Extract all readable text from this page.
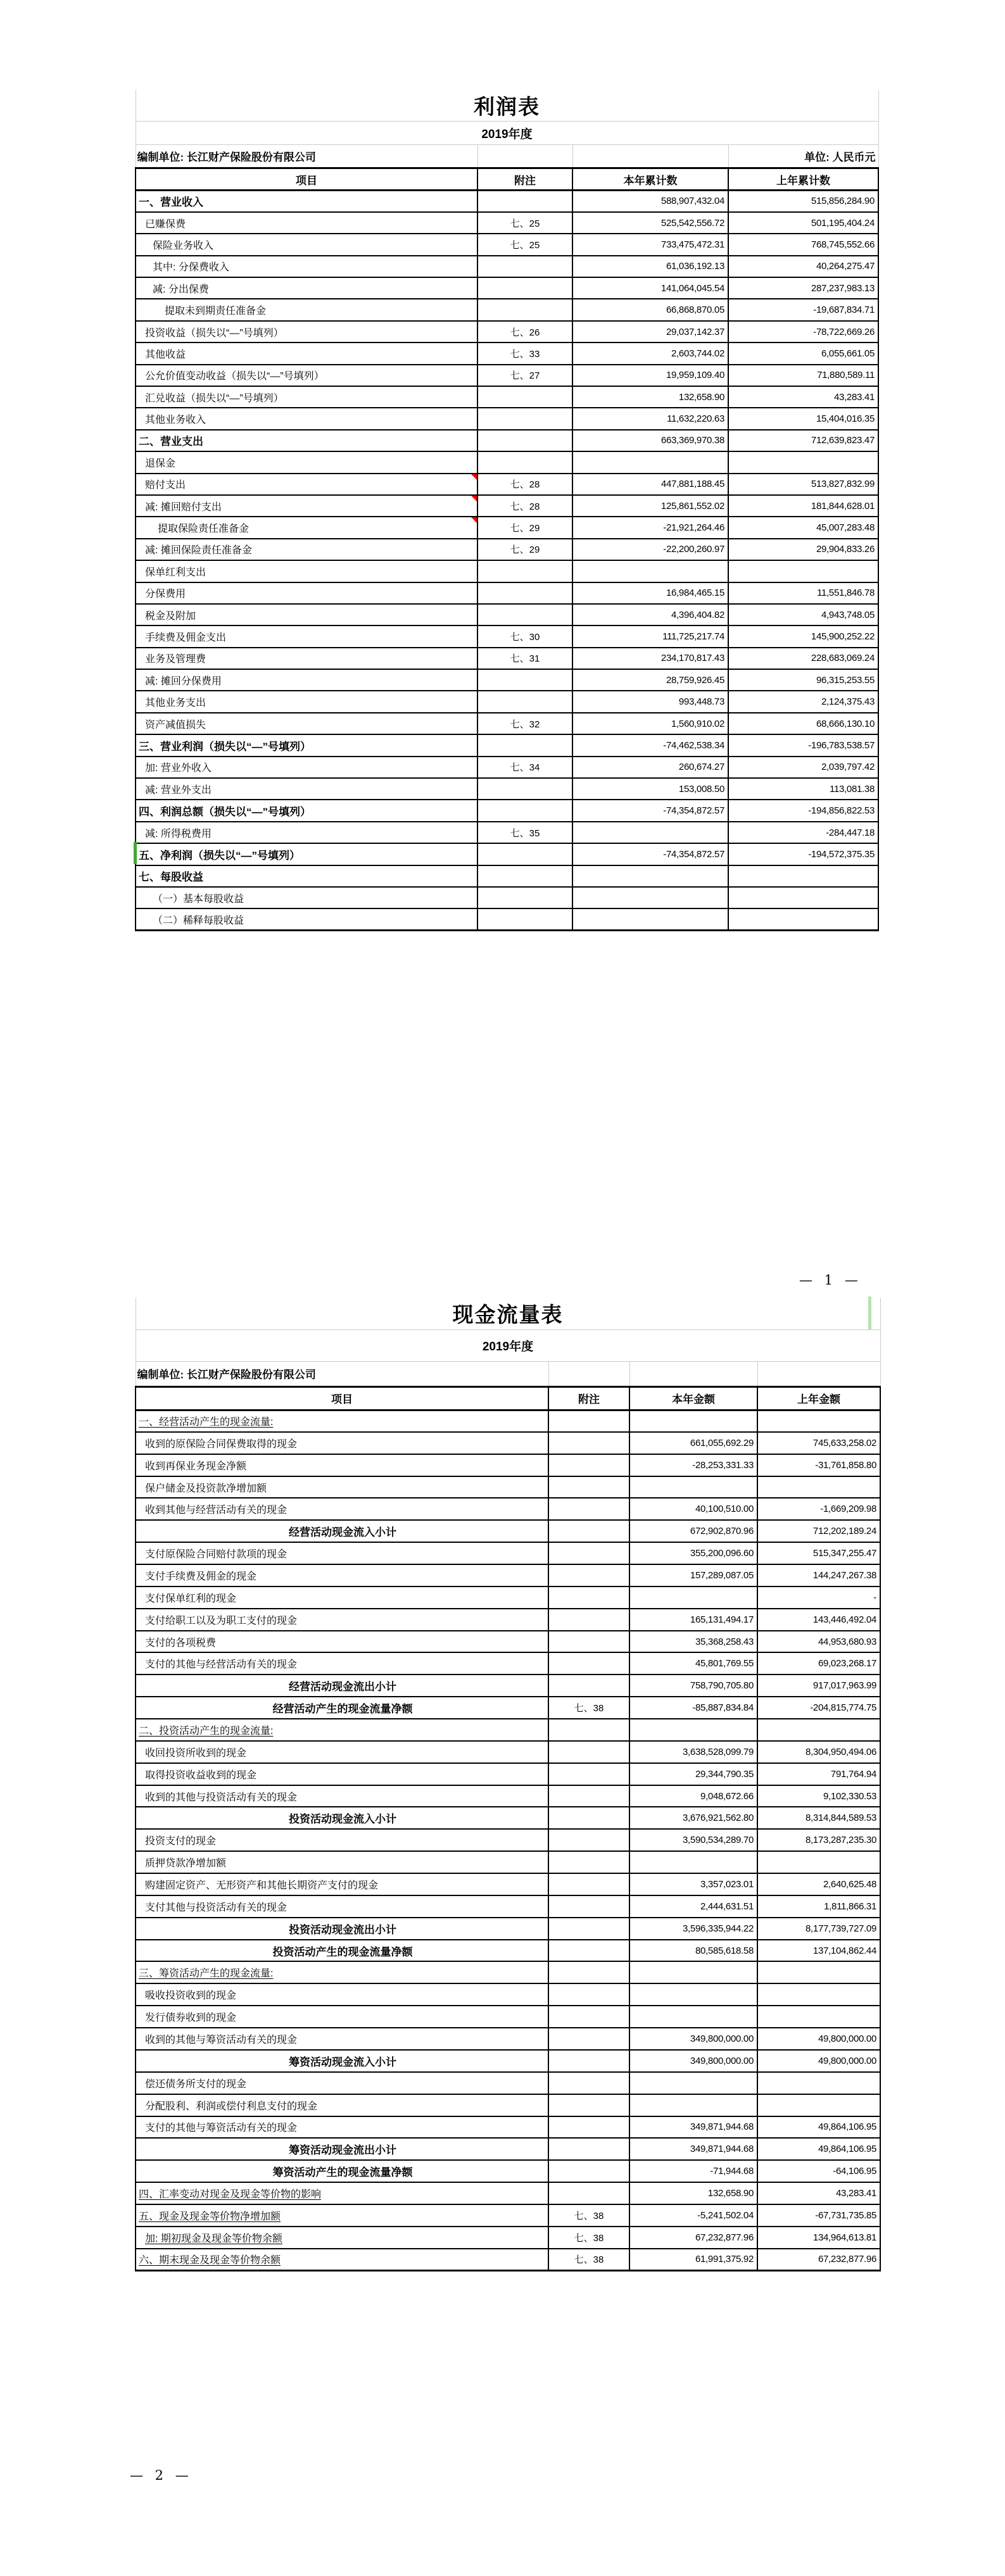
利润表			
2019年度			
编制单位: 长江财产保险股份有限公司			单位: 人民币元
项目	附注	本年累计数	上年累计数
一、营业收入		588,907,432.04	515,856,284.90
已赚保费	七、25	525,542,556.72	501,195,404.24
保险业务收入	七、25	733,475,472.31	768,745,552.66
其中: 分保费收入		61,036,192.13	40,264,275.47
减: 分出保费		141,064,045.54	287,237,983.13
提取未到期责任准备金		66,868,870.05	-19,687,834.71
投资收益（损失以“—”号填列）	七、26	29,037,142.37	-78,722,669.26
其他收益	七、33	2,603,744.02	6,055,661.05
公允价值变动收益（损失以“—”号填列）	七、27	19,959,109.40	71,880,589.11
汇兑收益（损失以“—”号填列）		132,658.90	43,283.41
其他业务收入		11,632,220.63	15,404,016.35
二、营业支出		663,369,970.38	712,639,823.47
退保金			

赔付支出	七、28	447,881,188.45	513,827,832.99

减: 摊回赔付支出	七、28	125,861,552.02	181,844,628.01

提取保险责任准备金	七、29	-21,921,264.46	45,007,283.48
减: 摊回保险责任准备金	七、29	-22,200,260.97	29,904,833.26
保单红利支出			
分保费用		16,984,465.15	11,551,846.78
税金及附加		4,396,404.82	4,943,748.05
手续费及佣金支出	七、30	111,725,217.74	145,900,252.22
业务及管理费	七、31	234,170,817.43	228,683,069.24
减: 摊回分保费用		28,759,926.45	96,315,253.55
其他业务支出		993,448.73	2,124,375.43
资产减值损失	七、32	1,560,910.02	68,666,130.10
三、营业利润（损失以“—”号填列）		-74,462,538.34	-196,783,538.57
加: 营业外收入	七、34	260,674.27	2,039,797.42
减: 营业外支出		153,008.50	113,081.38
四、利润总额（损失以“—”号填列）		-74,354,872.57	-194,856,822.53
减: 所得税费用	七、35		-284,447.18
五、净利润（损失以“—”号填列）		-74,354,872.57	-194,572,375.35
七、每股收益			
（一）基本每股收益			
（二）稀释每股收益			
— 1 —
现金流量表			
2019年度			
编制单位: 长江财产保险股份有限公司			
项目	附注	本年金额	上年金额
一、经营活动产生的现金流量:			
收到的原保险合同保费取得的现金		661,055,692.29	745,633,258.02
收到再保业务现金净额		-28,253,331.33	-31,761,858.80
保户储金及投资款净增加额			
收到其他与经营活动有关的现金		40,100,510.00	-1,669,209.98
经营活动现金流入小计		672,902,870.96	712,202,189.24
支付原保险合同赔付款项的现金		355,200,096.60	515,347,255.47
支付手续费及佣金的现金		157,289,087.05	144,247,267.38
支付保单红利的现金			-
支付给职工以及为职工支付的现金		165,131,494.17	143,446,492.04
支付的各项税费		35,368,258.43	44,953,680.93
支付的其他与经营活动有关的现金		45,801,769.55	69,023,268.17
经营活动现金流出小计		758,790,705.80	917,017,963.99
经营活动产生的现金流量净额	七、38	-85,887,834.84	-204,815,774.75
二、投资活动产生的现金流量:			
收回投资所收到的现金		3,638,528,099.79	8,304,950,494.06
取得投资收益收到的现金		29,344,790.35	791,764.94
收到的其他与投资活动有关的现金		9,048,672.66	9,102,330.53
投资活动现金流入小计		3,676,921,562.80	8,314,844,589.53
投资支付的现金		3,590,534,289.70	8,173,287,235.30
质押贷款净增加额			
购建固定资产、无形资产和其他长期资产支付的现金		3,357,023.01	2,640,625.48
支付其他与投资活动有关的现金		2,444,631.51	1,811,866.31
投资活动现金流出小计		3,596,335,944.22	8,177,739,727.09
投资活动产生的现金流量净额		80,585,618.58	137,104,862.44
三、筹资活动产生的现金流量:			
吸收投资收到的现金			
发行债券收到的现金			
收到的其他与筹资活动有关的现金		349,800,000.00	49,800,000.00
筹资活动现金流入小计		349,800,000.00	49,800,000.00
偿还债务所支付的现金			
分配股利、利润或偿付利息支付的现金			
支付的其他与筹资活动有关的现金		349,871,944.68	49,864,106.95
筹资活动现金流出小计		349,871,944.68	49,864,106.95
筹资活动产生的现金流量净额		-71,944.68	-64,106.95
四、汇率变动对现金及现金等价物的影响		132,658.90	43,283.41
五、现金及现金等价物净增加额	七、38	-5,241,502.04	-67,731,735.85
加: 期初现金及现金等价物余额	七、38	67,232,877.96	134,964,613.81
六、期末现金及现金等价物余额	七、38	61,991,375.92	67,232,877.96
— 2 —
